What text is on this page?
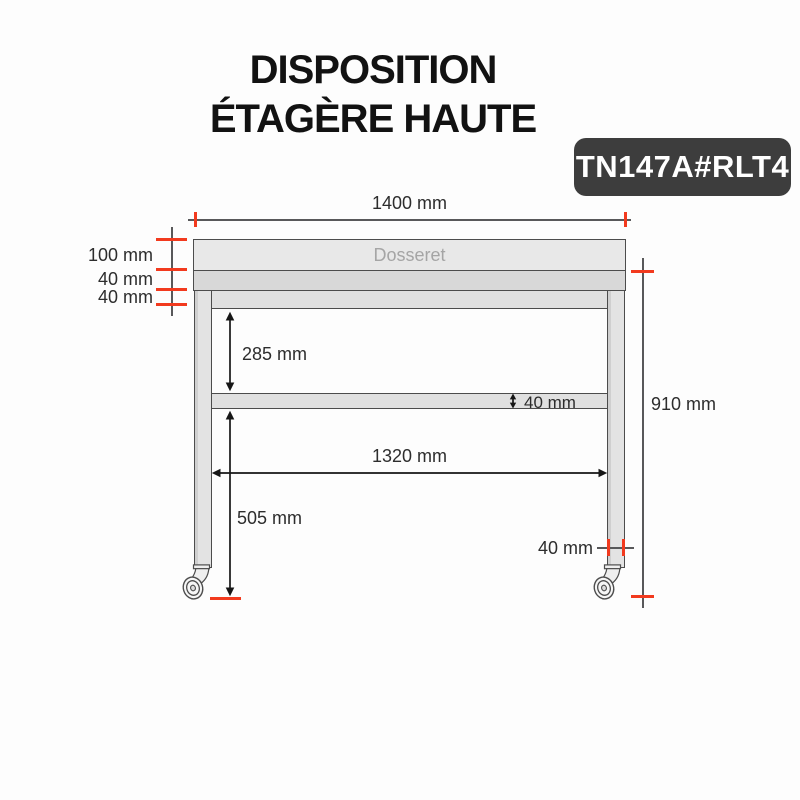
DISPOSITION
ÉTAGÈRE HAUTE
TN147A#RLT4
Dosseret
1400 mm
100 mm
40 mm
40 mm
285 mm
40 mm	910 mm
1320 mm
505 mm
40 mm
